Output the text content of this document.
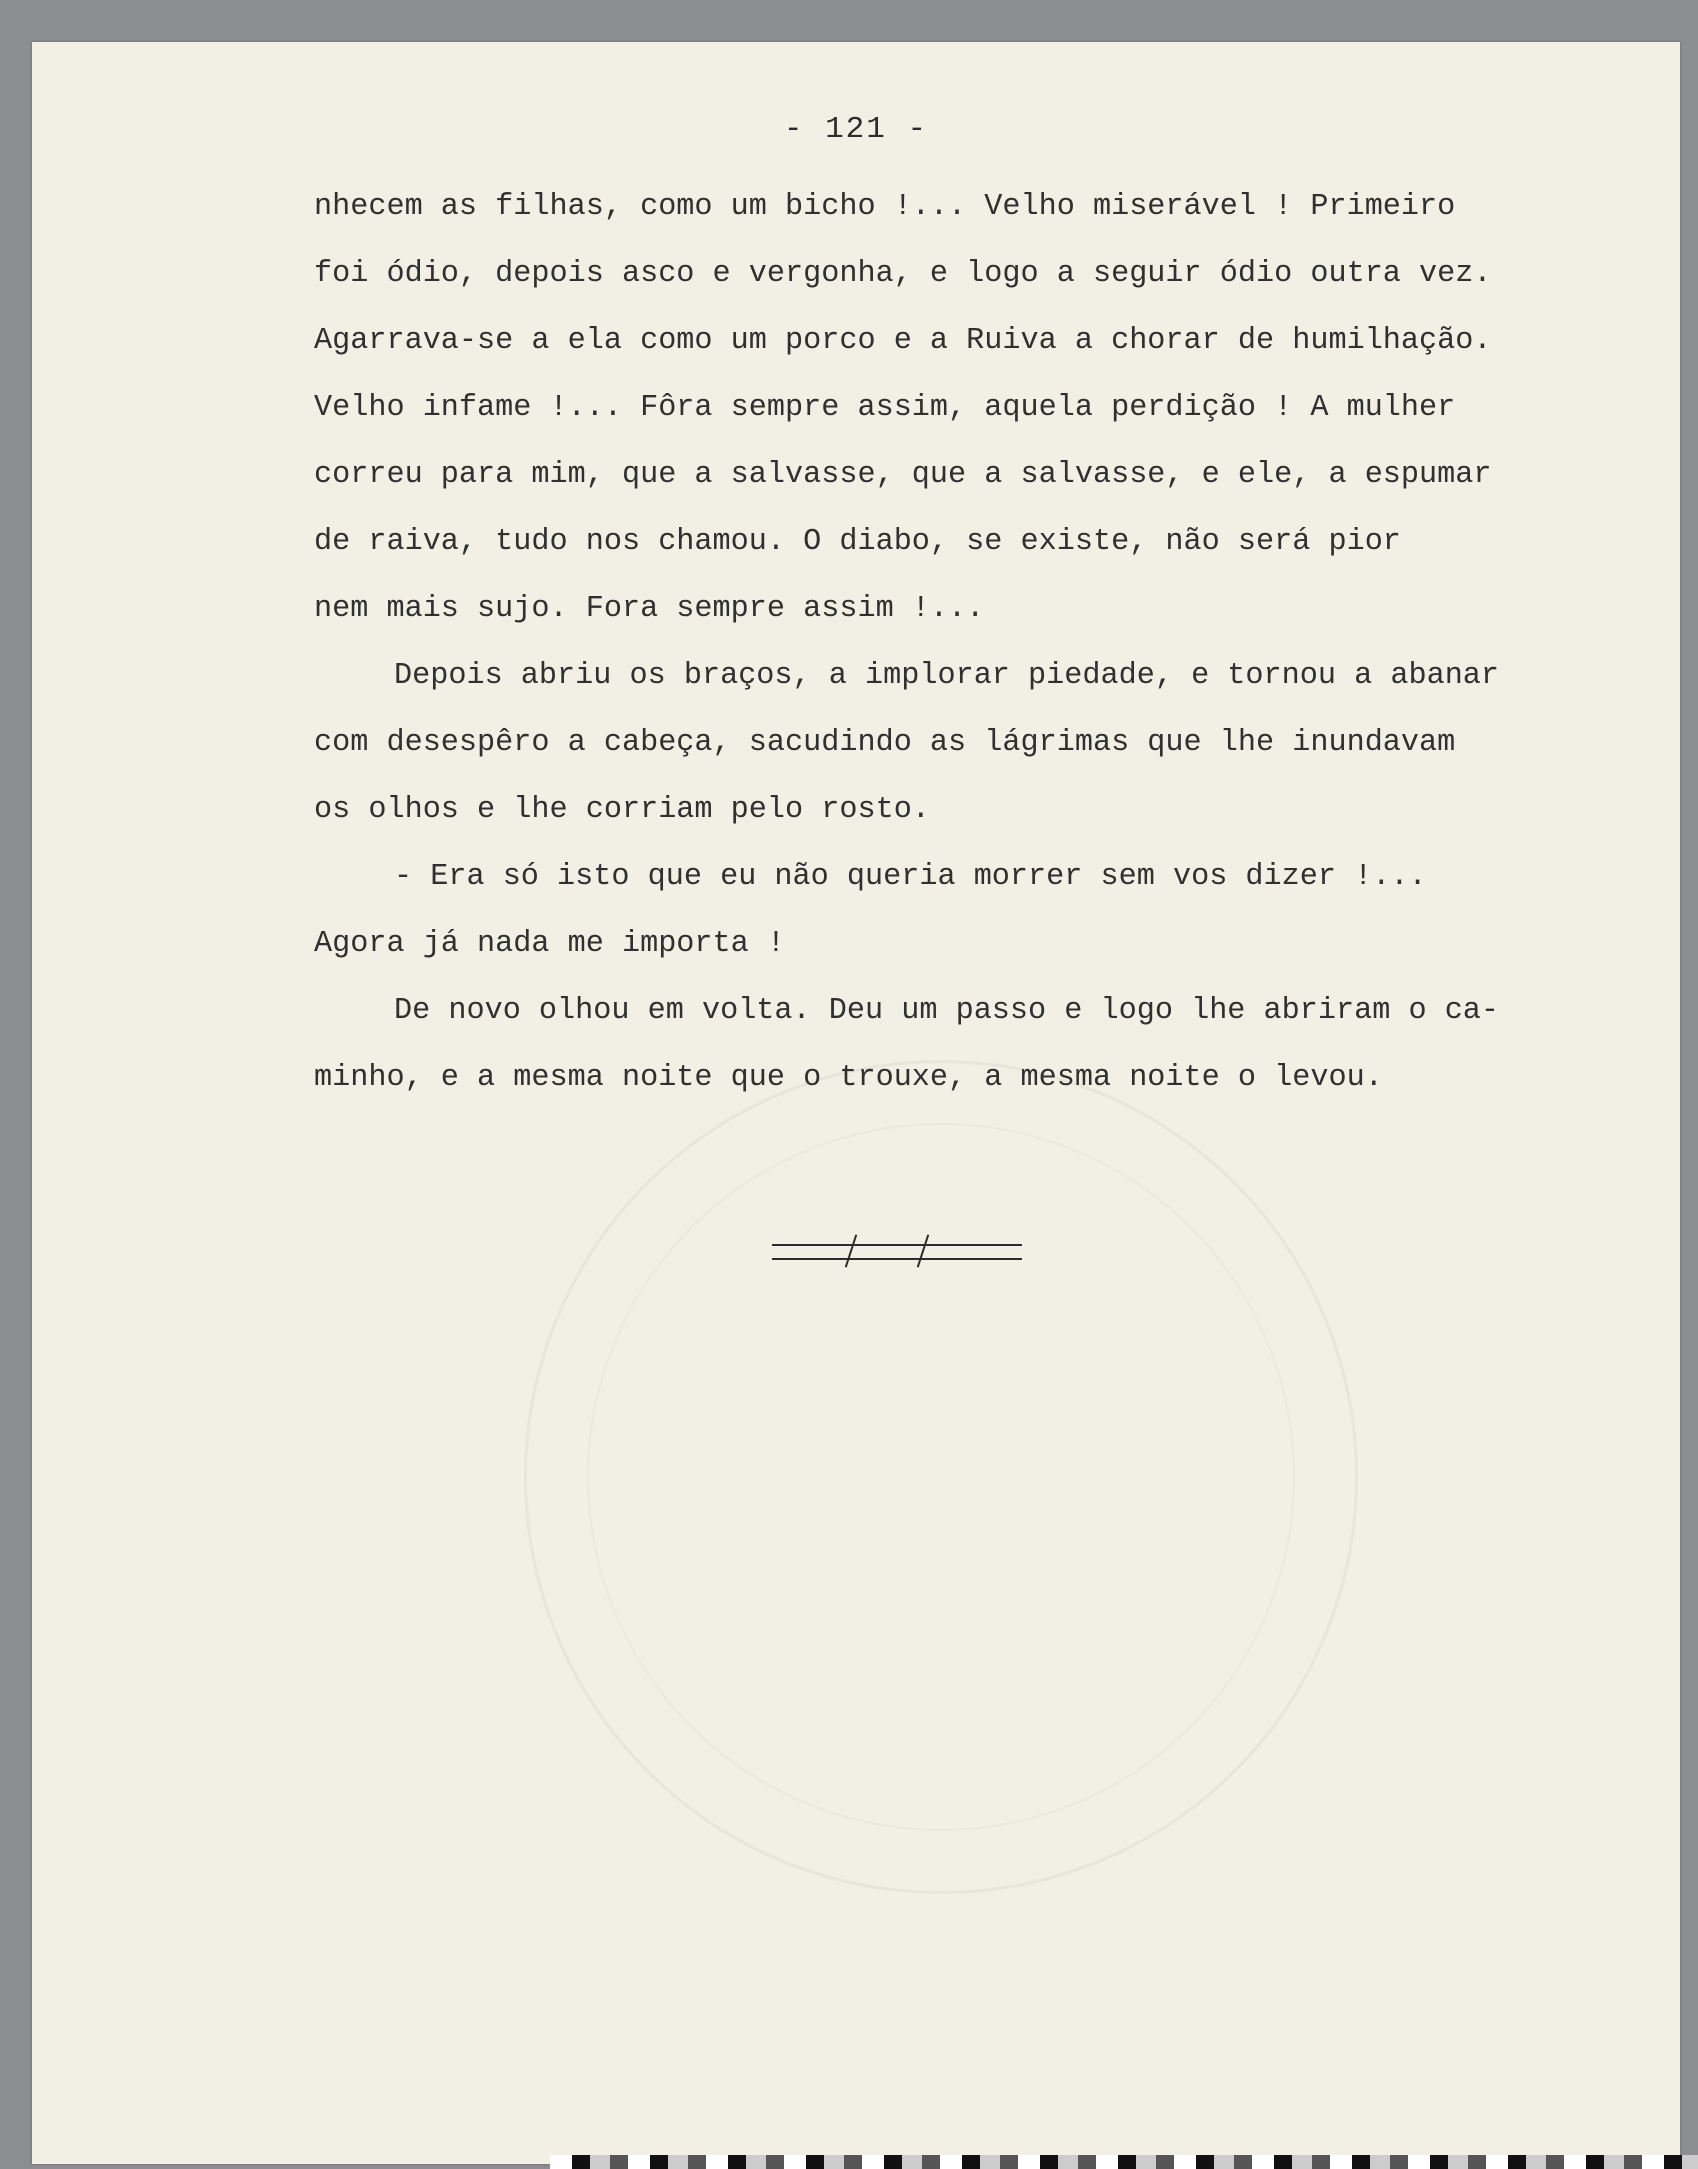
- 121 -
nhecem as filhas, como um bicho !... Velho miserável ! Primeiro
foi ódio, depois asco e vergonha, e logo a seguir ódio outra vez.
Agarrava-se a ela como um porco e a Ruiva a chorar de humilhação.
Velho infame !... Fôra sempre assim, aquela perdição ! A mulher
correu para mim, que a salvasse, que a salvasse, e ele, a espumar
de raiva, tudo nos chamou. O diabo, se existe, não será pior
nem mais sujo. Fora sempre assim !...
Depois abriu os braços, a implorar piedade, e tornou a abanar
com desespêro a cabeça, sacudindo as lágrimas que lhe inundavam
os olhos e lhe corriam pelo rosto.
- Era só isto que eu não queria morrer sem vos dizer !...
Agora já nada me importa !
De novo olhou em volta. Deu um passo e logo lhe abriram o ca-
minho, e a mesma noite que o trouxe, a mesma noite o levou.
